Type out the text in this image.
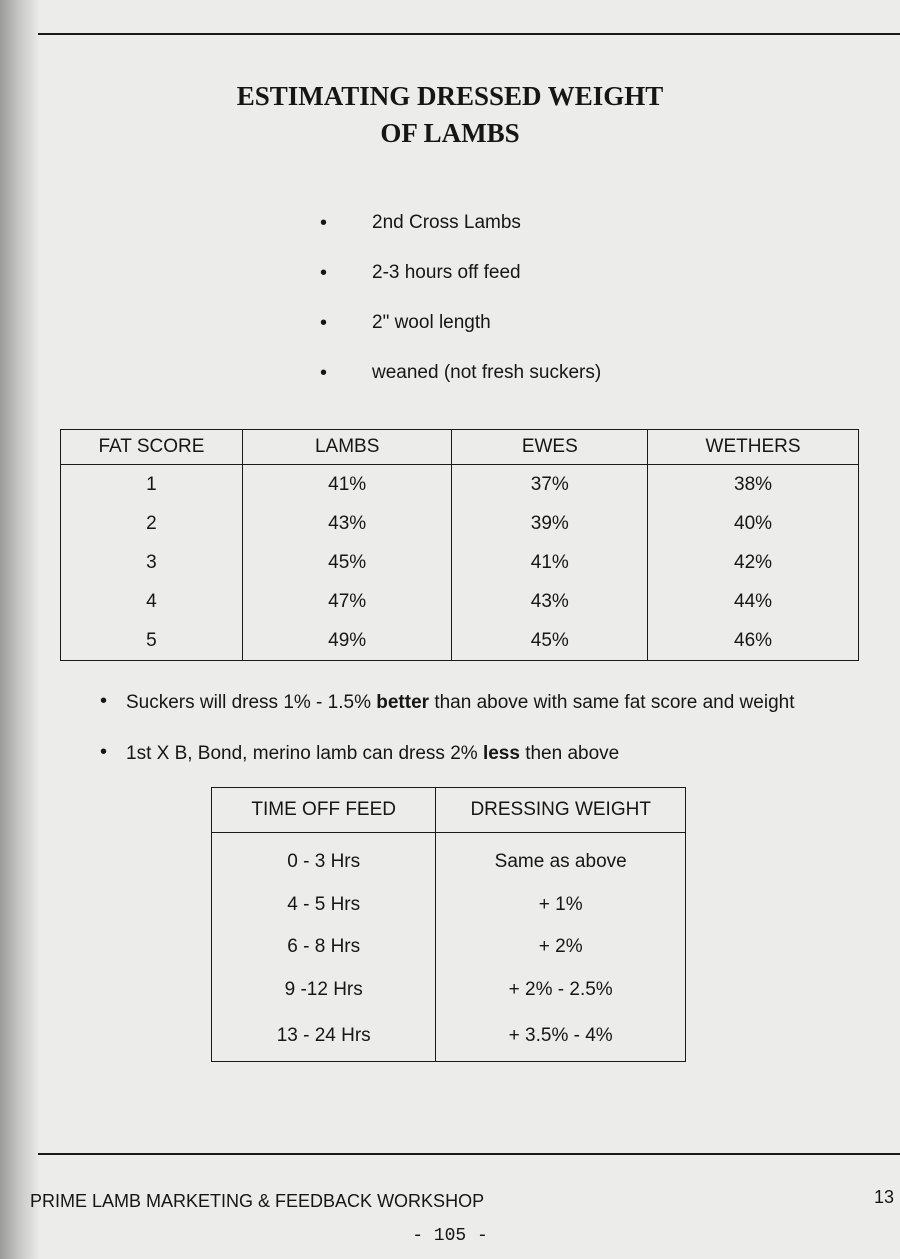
ESTIMATING DRESSED WEIGHT
OF LAMBS
• 2nd Cross Lambs
• 2-3 hours off feed
• 2" wool length
• weaned (not fresh suckers)
FAT SCORE	LAMBS	EWES	WETHERS
1	41%	37%	38%
2	43%	39%	40%
3	45%	41%	42%
4	47%	43%	44%
5	49%	45%	46%
• Suckers will dress 1% - 1.5% better than above with same fat score and weight
• 1st X B, Bond, merino lamb can dress 2% less then above
TIME OFF FEED	DRESSING WEIGHT
0 - 3 Hrs	Same as above
4 - 5 Hrs	+ 1%
6 - 8 Hrs	+ 2%
9 -12 Hrs	+ 2% - 2.5%
13 - 24 Hrs	+ 3.5% - 4%
PRIME LAMB MARKETING & FEEDBACK WORKSHOP	13
- 105 -
